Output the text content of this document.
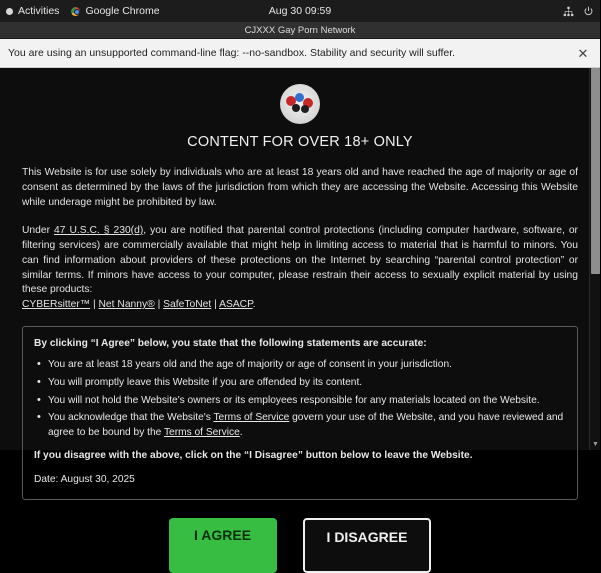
Activities Google Chrome	Aug 30 09:59
CJXXX Gay Porn Network
You are using an unsupported command-line flag: --no-sandbox. Stability and security will suffer.	✕
CONTENT FOR OVER 18+ ONLY

This Website is for use solely by individuals who are at least 18 years old and have reached the age of majority or age of consent as determined by the laws of the jurisdiction from which they are accessing the Website. Accessing this Website while underage might be prohibited by law.

Under 47 U.S.C. § 230(d), you are notified that parental control protections (including computer hardware, software, or filtering services) are commercially available that might help in limiting access to material that is harmful to minors. You can find information about providers of these protections on the Internet by searching “parental control protection” or similar terms. If minors have access to your computer, please restrain their access to sexually explicit material by using these products:
CYBERsitter™ | Net Nanny® | SafeToNet | ASACP.

By clicking “I Agree” below, you state that the following statements are accurate:
• You are at least 18 years old and the age of majority or age of consent in your jurisdiction.
• You will promptly leave this Website if you are offended by its content.
• You will not hold the Website's owners or its employees responsible for any materials located on the Website.
• You acknowledge that the Website's Terms of Service govern your use of the Website, and you have reviewed and agree to be bound by the Terms of Service.
If you disagree with the above, click on the “I Disagree” button below to leave the Website.
Date: August 30, 2025
I AGREE	I DISAGREE
▼
